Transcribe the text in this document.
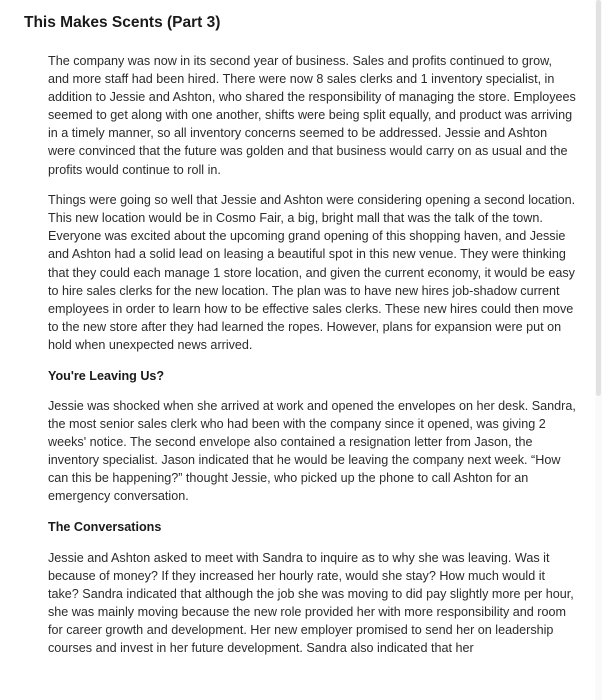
This Makes Scents (Part 3)

The company was now in its second year of business. Sales and profits continued to grow, and more staff had been hired. There were now 8 sales clerks and 1 inventory specialist, in addition to Jessie and Ashton, who shared the responsibility of managing the store. Employees seemed to get along with one another, shifts were being split equally, and product was arriving in a timely manner, so all inventory concerns seemed to be addressed. Jessie and Ashton were convinced that the future was golden and that business would carry on as usual and the profits would continue to roll in.

Things were going so well that Jessie and Ashton were considering opening a second location. This new location would be in Cosmo Fair, a big, bright mall that was the talk of the town. Everyone was excited about the upcoming grand opening of this shopping haven, and Jessie and Ashton had a solid lead on leasing a beautiful spot in this new venue. They were thinking that they could each manage 1 store location, and given the current economy, it would be easy to hire sales clerks for the new location. The plan was to have new hires job-shadow current employees in order to learn how to be effective sales clerks. These new hires could then move to the new store after they had learned the ropes. However, plans for expansion were put on hold when unexpected news arrived.

You're Leaving Us?

Jessie was shocked when she arrived at work and opened the envelopes on her desk. Sandra, the most senior sales clerk who had been with the company since it opened, was giving 2 weeks' notice. The second envelope also contained a resignation letter from Jason, the inventory specialist. Jason indicated that he would be leaving the company next week. “How can this be happening?” thought Jessie, who picked up the phone to call Ashton for an emergency conversation.

The Conversations

Jessie and Ashton asked to meet with Sandra to inquire as to why she was leaving. Was it because of money? If they increased her hourly rate, would she stay? How much would it take? Sandra indicated that although the job she was moving to did pay slightly more per hour, she was mainly moving because the new role provided her with more responsibility and room for career growth and development. Her new employer promised to send her on leadership courses and invest in her future development. Sandra also indicated that her
